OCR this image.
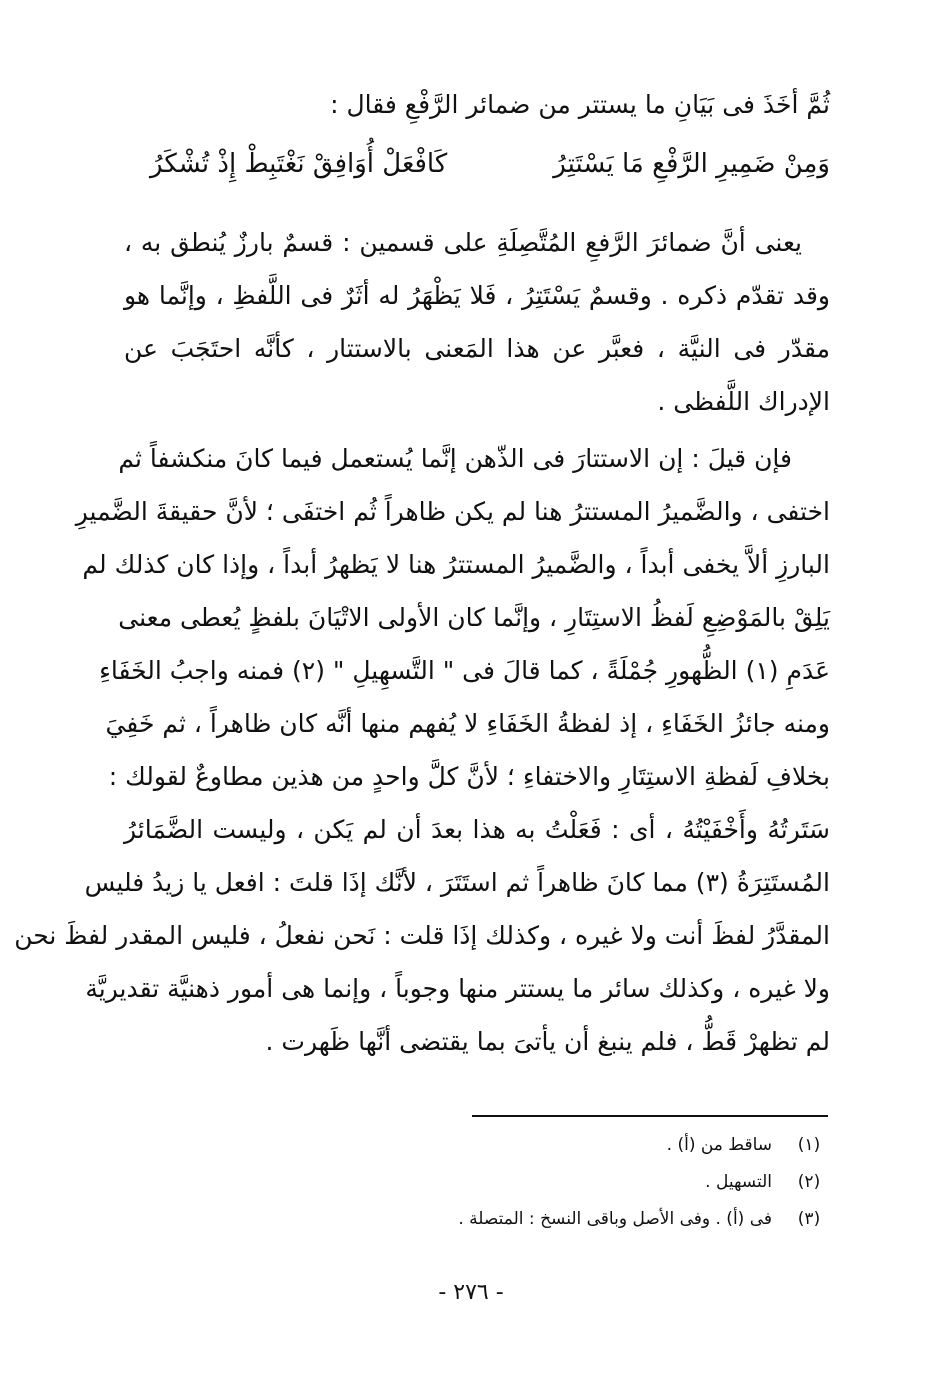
ثُمَّ أخَذَ فى بَيَانِ ما يستتر من ضمائر الرَّفْعِ فقال :
وَمِنْ ضَمِيرِ الرَّفْعِ مَا يَسْتَتِرُ
كَافْعَلْ أُوَافِقْ نَغْتَبِطْ إِذْ تُشْكَرُ
يعنى أنَّ ضمائرَ الرَّفعِ المُتَّصِلَةِ على قسمين : قسمٌ بارزٌ يُنطق به ،
وقد تقدّم ذكره . وقسمٌ يَسْتَتِرُ ، فَلا يَظْهَرُ له أثَرٌ فى اللَّفظِ ، وإنَّما هو
مقدّر فى النيَّة ، فعبَّر عن هذا المَعنى بالاستتار ، كأنَّه احتَجَبَ عن
الإدراك اللَّفظى .
فإن قيلَ : إن الاستتارَ فى الذّهن إنَّما يُستعمل فيما كانَ منكشفاً ثم
اختفى ، والضَّميرُ المستترُ هنا لم يكن ظاهراً ثُم اختفَى ؛ لأنَّ حقيقةَ الضَّميرِ
البارزِ ألاَّ يخفى أبداً ، والضَّميرُ المستترُ هنا لا يَظهرُ أبداً ، وإذا كان كذلك لم
يَلِقْ بالمَوْضِعِ لَفظُ الاستِتَارِ ، وإنَّما كان الأولى الاتْيَانَ بلفظٍ يُعطى معنى
عَدَمِ (١) الظُّهورِ جُمْلَةً ، كما قالَ فى " التَّسهِيلِ " (٢) فمنه واجبُ الخَفَاءِ
ومنه جائزُ الخَفَاءِ ، إذ لفظةُ الخَفَاءِ لا يُفهم منها أنَّه كان ظاهراً ، ثم خَفِيَ
بخلافِ لَفظةِ الاستِتَارِ والاختفاءِ ؛ لأنَّ كلَّ واحدٍ من هذين مطاوعٌ لقولك :
سَتَرتُهُ وأَخْفَيْتُهُ ، أى : فَعَلْتُ به هذا بعدَ أن لم يَكن ، وليست الضَّمَائرُ
المُستَتِرَةُ (٣) مما كانَ ظاهراً ثم استَتَرَ ، لأنَّك إذَا قلتَ : افعل يا زيدُ فليس
المقدَّرُ لفظَ أنت ولا غيره ، وكذلك إذَا قلت : نَحن نفعلُ ، فليس المقدر لفظَ نحن
ولا غيره ، وكذلك سائر ما يستتر منها وجوباً ، وإنما هى أمور ذهنيَّة تقديريَّة
لم تظهرْ قَطُّ ، فلم ينبغ أن يأتىَ بما يقتضى أنَّها ظَهرت .
(١)
ساقط من (أ) .
(٢)
التسهيل .
(٣)
فى (أ) . وفى الأصل وباقى النسخ : المتصلة .
- ٢٧٦ -
